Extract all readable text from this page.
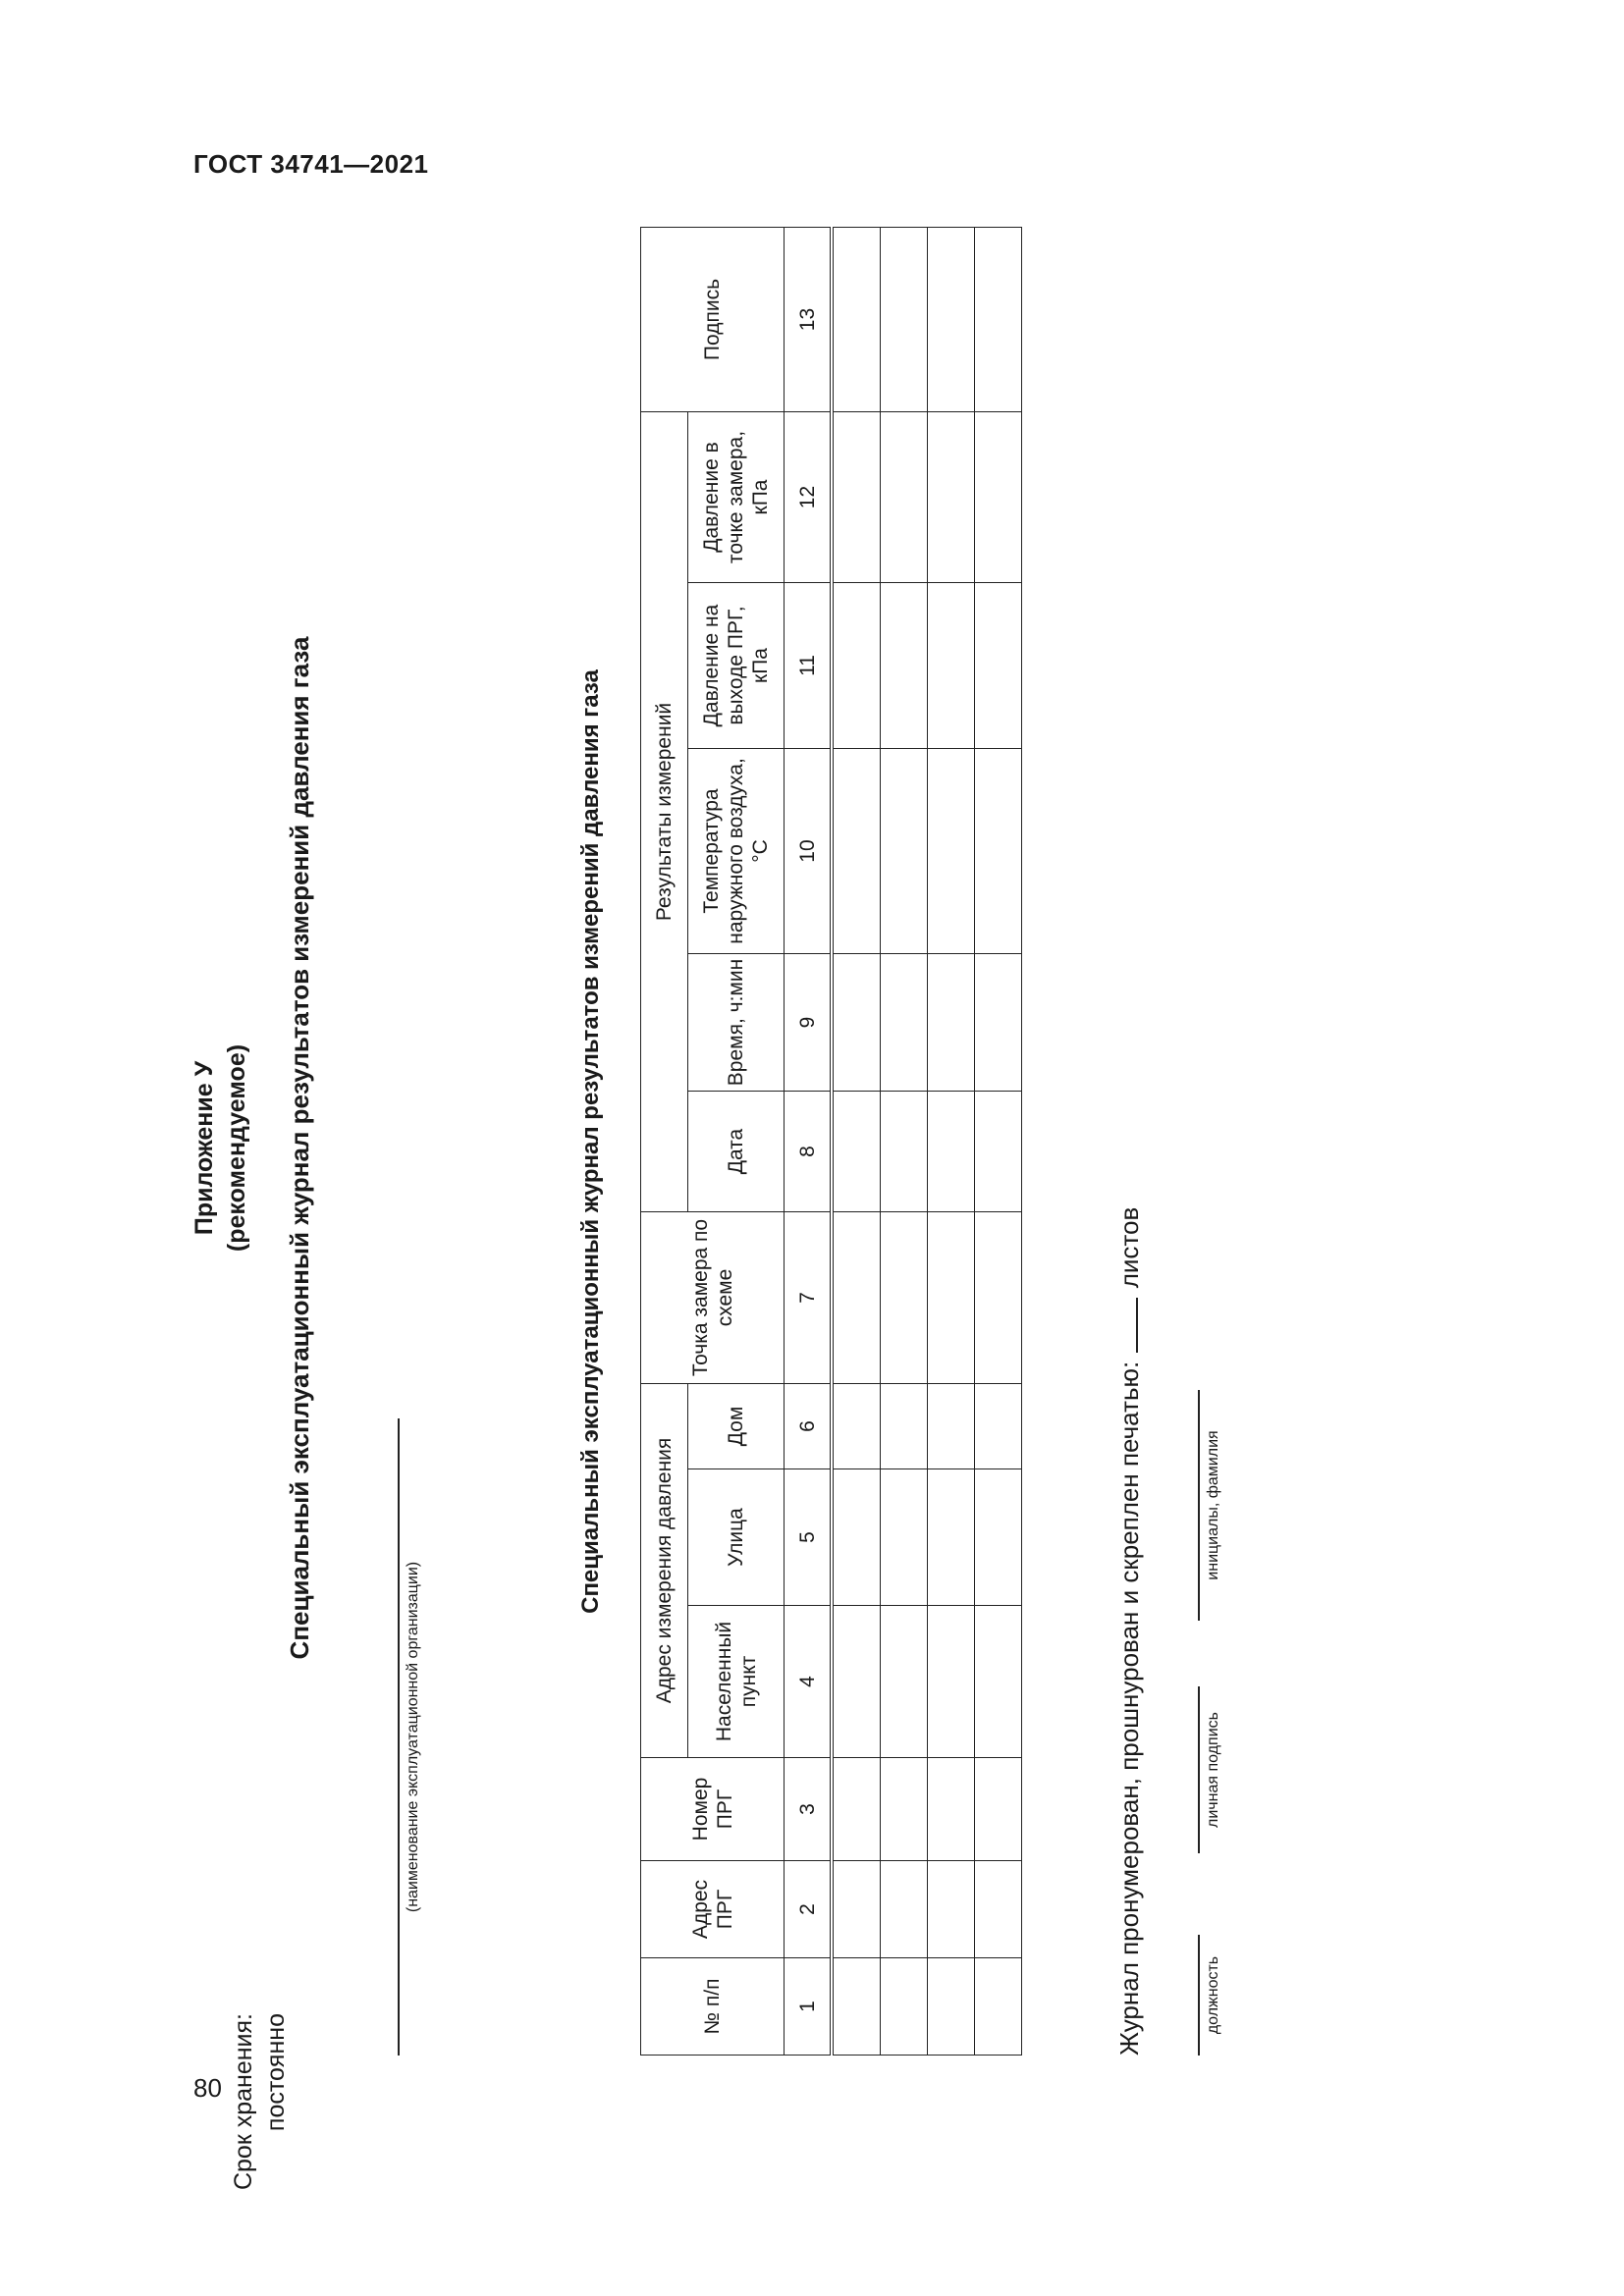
ГОСТ 34741—2021
80
Приложение У (рекомендуемое) Специальный эксплуатационный журнал результатов измерений давления газа
Срок хранения: постоянно
(наименование эксплуатационной организации)
Специальный эксплуатационный журнал результатов измерений давления газа
№ п/п	Адрес ПРГ	Номер ПРГ	Адрес измерения давления			Точка замера по схеме	Результаты измерений					Подпись
			Населенный пункт	Улица	Дом		Дата	Время, ч:мин	Температура наружного воздуха, °С	Давление на выходе ПРГ, кПа	Давление в точке замера, кПа	
1	2	3	4	5	6	7	8	9	10	11	12	13

Журнал пронумерован, прошнурован и скреплен печатью:  листов
должность
личная подпись
инициалы, фамилия
